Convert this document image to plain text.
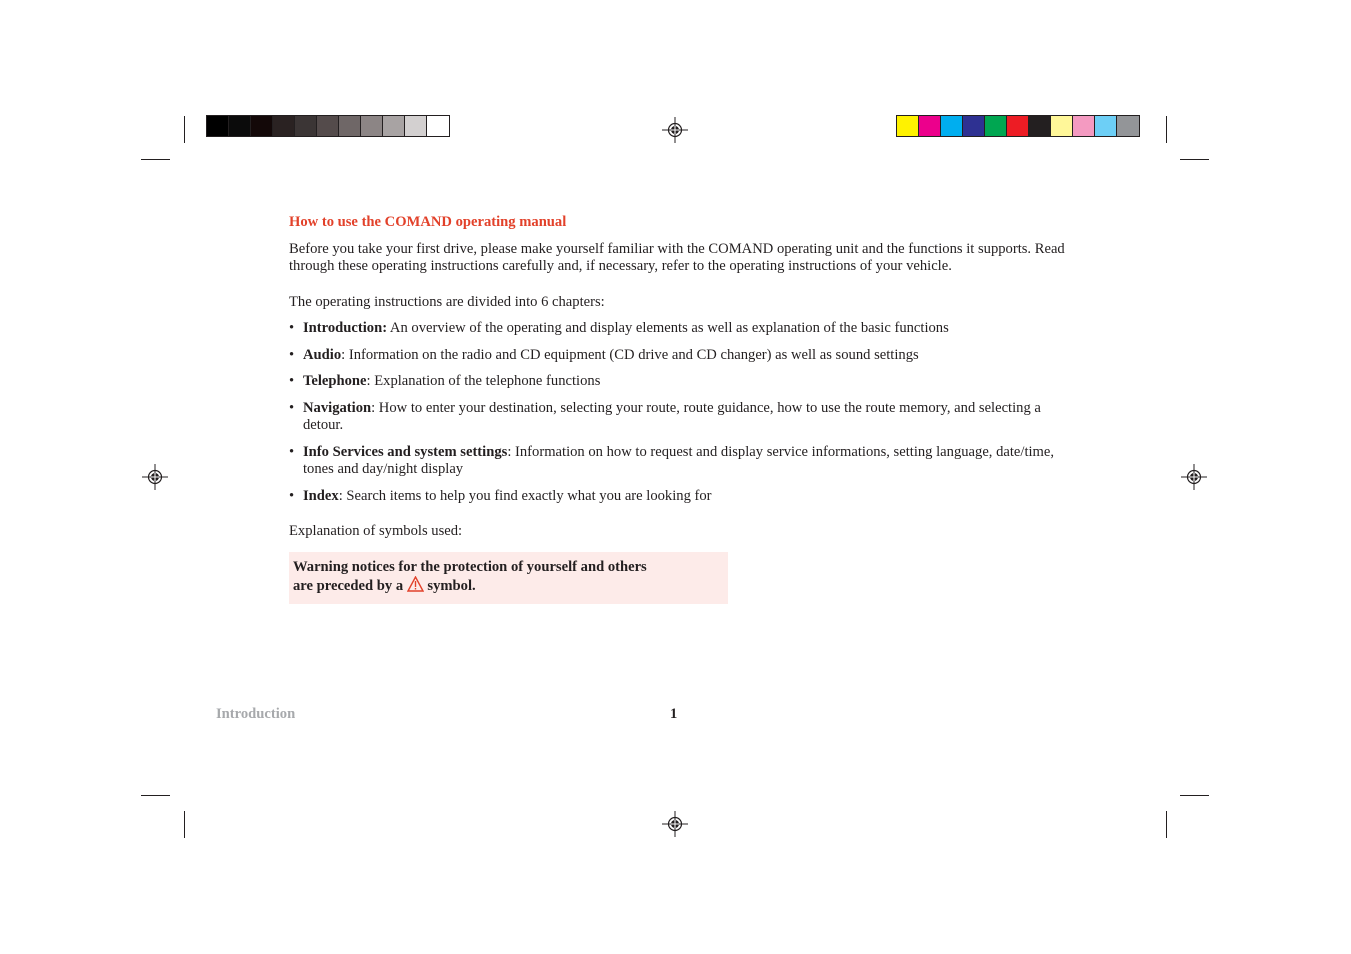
How to use the COMAND operating manual

Before you take your first drive, please make yourself familiar with the COMAND operating unit and the functions it supports. Read through these operating instructions carefully and, if necessary, refer to the operating instructions of your vehicle.

The operating instructions are divided into 6 chapters:

• Introduction: An overview of the operating and display elements as well as explanation of the basic functions
• Audio: Information on the radio and CD equipment (CD drive and CD changer) as well as sound settings
• Telephone: Explanation of the telephone functions
• Navigation: How to enter your destination, selecting your route, route guidance, how to use the route memory, and selecting a detour.
• Info Services and system settings: Information on how to request and display service informations, setting language, date/time, tones and day/night display
• Index: Search items to help you find exactly what you are looking for

Explanation of symbols used:

Warning notices for the protection of yourself and others
are preceded by a  symbol.
Introduction	1
